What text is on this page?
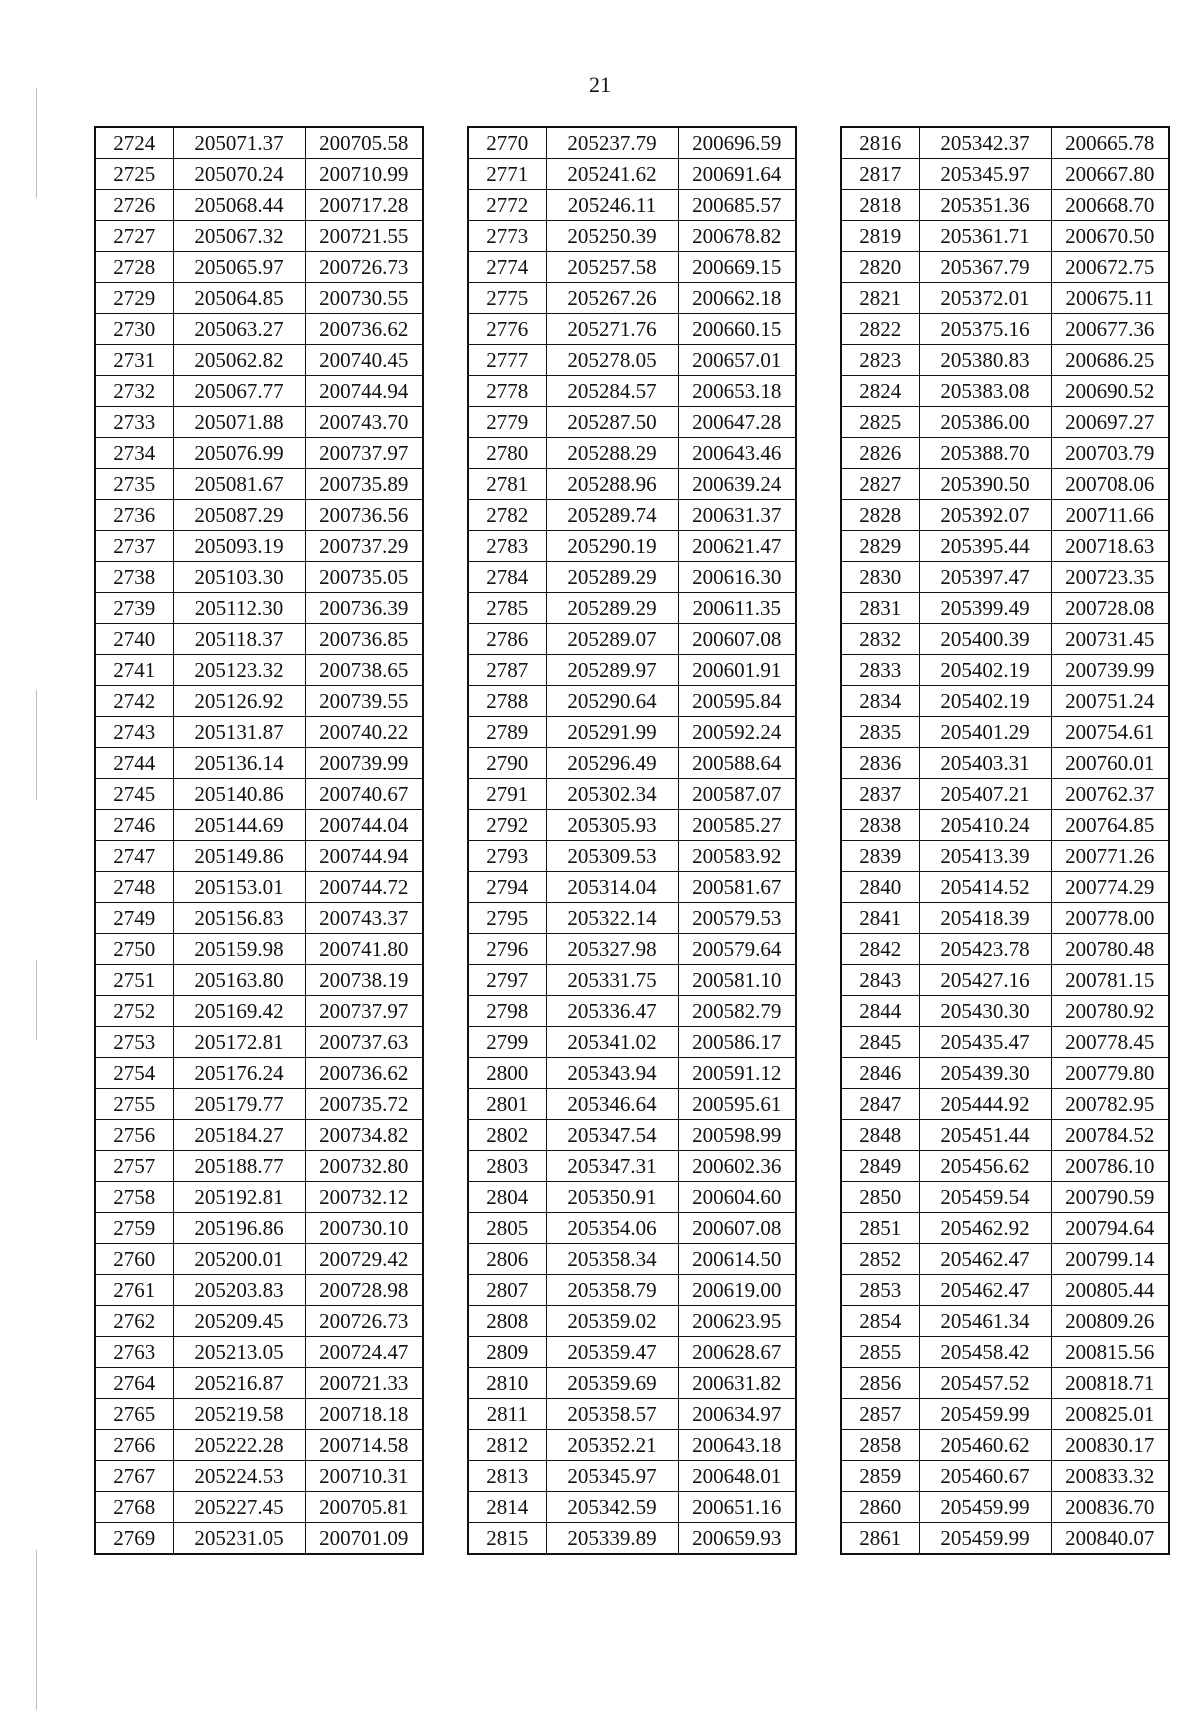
21
2724	205071.37	200705.58
2725	205070.24	200710.99
2726	205068.44	200717.28
2727	205067.32	200721.55
2728	205065.97	200726.73
2729	205064.85	200730.55
2730	205063.27	200736.62
2731	205062.82	200740.45
2732	205067.77	200744.94
2733	205071.88	200743.70
2734	205076.99	200737.97
2735	205081.67	200735.89
2736	205087.29	200736.56
2737	205093.19	200737.29
2738	205103.30	200735.05
2739	205112.30	200736.39
2740	205118.37	200736.85
2741	205123.32	200738.65
2742	205126.92	200739.55
2743	205131.87	200740.22
2744	205136.14	200739.99
2745	205140.86	200740.67
2746	205144.69	200744.04
2747	205149.86	200744.94
2748	205153.01	200744.72
2749	205156.83	200743.37
2750	205159.98	200741.80
2751	205163.80	200738.19
2752	205169.42	200737.97
2753	205172.81	200737.63
2754	205176.24	200736.62
2755	205179.77	200735.72
2756	205184.27	200734.82
2757	205188.77	200732.80
2758	205192.81	200732.12
2759	205196.86	200730.10
2760	205200.01	200729.42
2761	205203.83	200728.98
2762	205209.45	200726.73
2763	205213.05	200724.47
2764	205216.87	200721.33
2765	205219.58	200718.18
2766	205222.28	200714.58
2767	205224.53	200710.31
2768	205227.45	200705.81
2769	205231.05	200701.09
2770	205237.79	200696.59
2771	205241.62	200691.64
2772	205246.11	200685.57
2773	205250.39	200678.82
2774	205257.58	200669.15
2775	205267.26	200662.18
2776	205271.76	200660.15
2777	205278.05	200657.01
2778	205284.57	200653.18
2779	205287.50	200647.28
2780	205288.29	200643.46
2781	205288.96	200639.24
2782	205289.74	200631.37
2783	205290.19	200621.47
2784	205289.29	200616.30
2785	205289.29	200611.35
2786	205289.07	200607.08
2787	205289.97	200601.91
2788	205290.64	200595.84
2789	205291.99	200592.24
2790	205296.49	200588.64
2791	205302.34	200587.07
2792	205305.93	200585.27
2793	205309.53	200583.92
2794	205314.04	200581.67
2795	205322.14	200579.53
2796	205327.98	200579.64
2797	205331.75	200581.10
2798	205336.47	200582.79
2799	205341.02	200586.17
2800	205343.94	200591.12
2801	205346.64	200595.61
2802	205347.54	200598.99
2803	205347.31	200602.36
2804	205350.91	200604.60
2805	205354.06	200607.08
2806	205358.34	200614.50
2807	205358.79	200619.00
2808	205359.02	200623.95
2809	205359.47	200628.67
2810	205359.69	200631.82
2811	205358.57	200634.97
2812	205352.21	200643.18
2813	205345.97	200648.01
2814	205342.59	200651.16
2815	205339.89	200659.93
2816	205342.37	200665.78
2817	205345.97	200667.80
2818	205351.36	200668.70
2819	205361.71	200670.50
2820	205367.79	200672.75
2821	205372.01	200675.11
2822	205375.16	200677.36
2823	205380.83	200686.25
2824	205383.08	200690.52
2825	205386.00	200697.27
2826	205388.70	200703.79
2827	205390.50	200708.06
2828	205392.07	200711.66
2829	205395.44	200718.63
2830	205397.47	200723.35
2831	205399.49	200728.08
2832	205400.39	200731.45
2833	205402.19	200739.99
2834	205402.19	200751.24
2835	205401.29	200754.61
2836	205403.31	200760.01
2837	205407.21	200762.37
2838	205410.24	200764.85
2839	205413.39	200771.26
2840	205414.52	200774.29
2841	205418.39	200778.00
2842	205423.78	200780.48
2843	205427.16	200781.15
2844	205430.30	200780.92
2845	205435.47	200778.45
2846	205439.30	200779.80
2847	205444.92	200782.95
2848	205451.44	200784.52
2849	205456.62	200786.10
2850	205459.54	200790.59
2851	205462.92	200794.64
2852	205462.47	200799.14
2853	205462.47	200805.44
2854	205461.34	200809.26
2855	205458.42	200815.56
2856	205457.52	200818.71
2857	205459.99	200825.01
2858	205460.62	200830.17
2859	205460.67	200833.32
2860	205459.99	200836.70
2861	205459.99	200840.07
